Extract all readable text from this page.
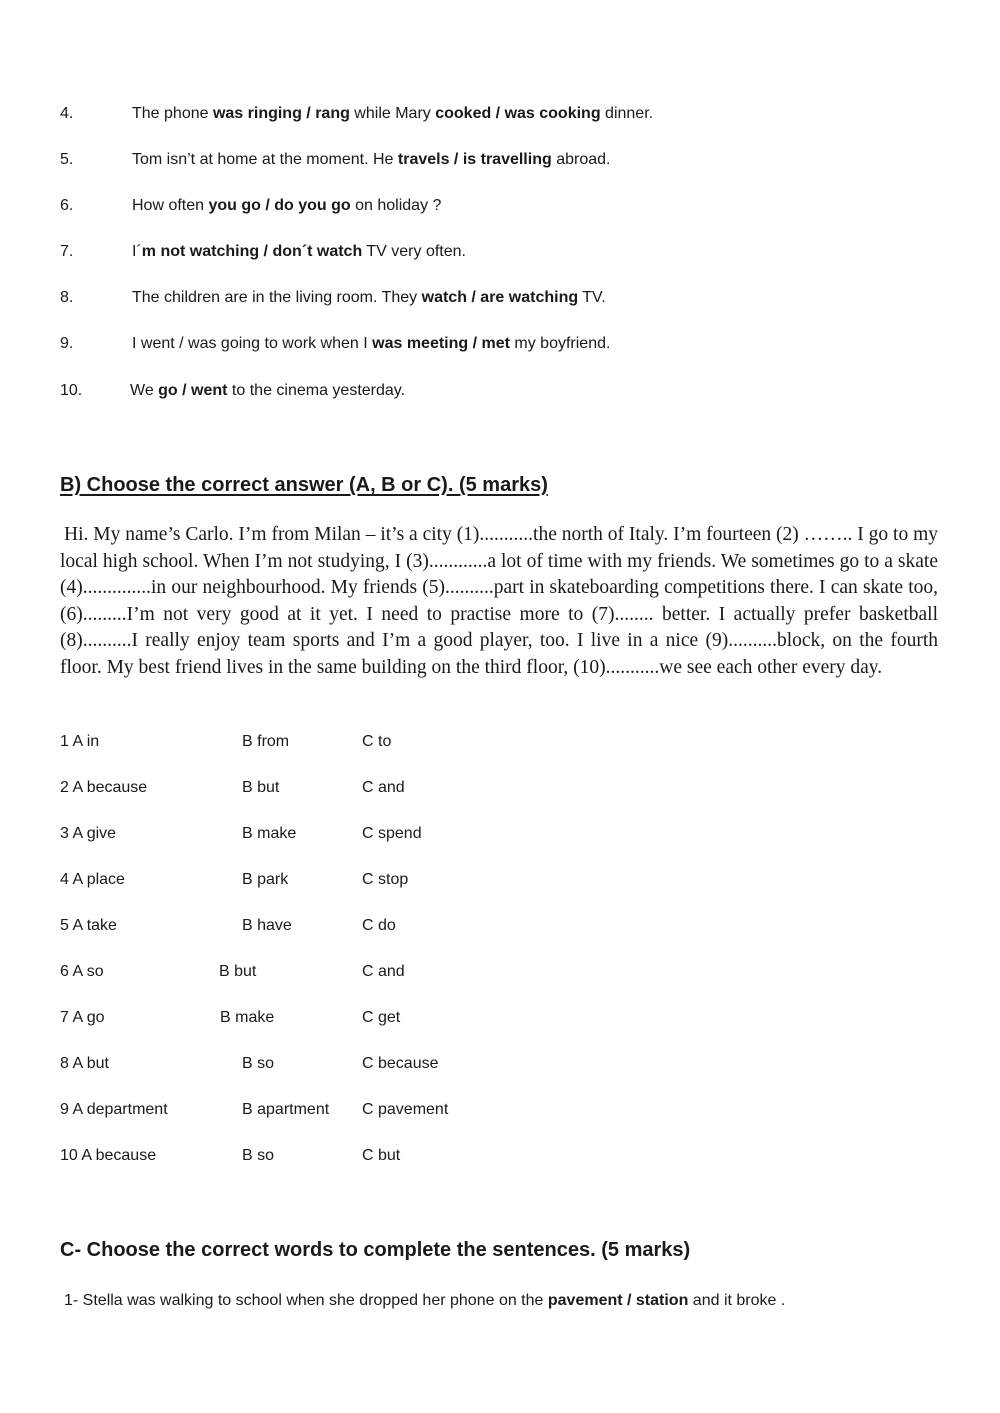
4.	The phone was ringing / rang while Mary cooked / was cooking dinner.
5.	Tom isn’t at home at the moment. He travels / is travelling abroad.
6.	How often you go / do you go on holiday ?
7.	I´m not watching / don´t watch TV very often.
8.	The children are in the living room. They watch / are watching TV.
9.	I went / was going to work when I was meeting / met my boyfriend.
10.	We go / went to the cinema yesterday.
B) Choose the correct answer (A, B or C). (5 marks)
Hi. My name’s Carlo. I’m from Milan – it’s a city (1)...........the north of Italy. I’m fourteen (2) …….. I go to my local high school. When I’m not studying, I (3)............a lot of time with my friends. We sometimes go to a skate (4)..............in our neighbourhood. My friends (5)..........part in skateboarding competitions there. I can skate too,(6).........I’m not very good at it yet. I need to practise more to (7)........ better. I actually prefer basketball (8)..........I really enjoy team sports and I’m a good player, too. I live in a nice (9)..........block, on the fourth floor. My best friend lives in the same building on the third floor, (10)...........we see each other every day.
1 A in	B from	C to
2 A because	B but	C and
3 A give	B make	C spend
4 A place	B park	C stop
5 A take	B have	C do
6 A so	B but	C and
7 A go	B make	C get
8 A but	B so	C because
9 A department	B apartment C pavement
10 A because	B so	C but
C- Choose the correct words to complete the sentences. (5 marks)
1- Stella was walking to school when she dropped her phone on the pavement / station and it broke .
